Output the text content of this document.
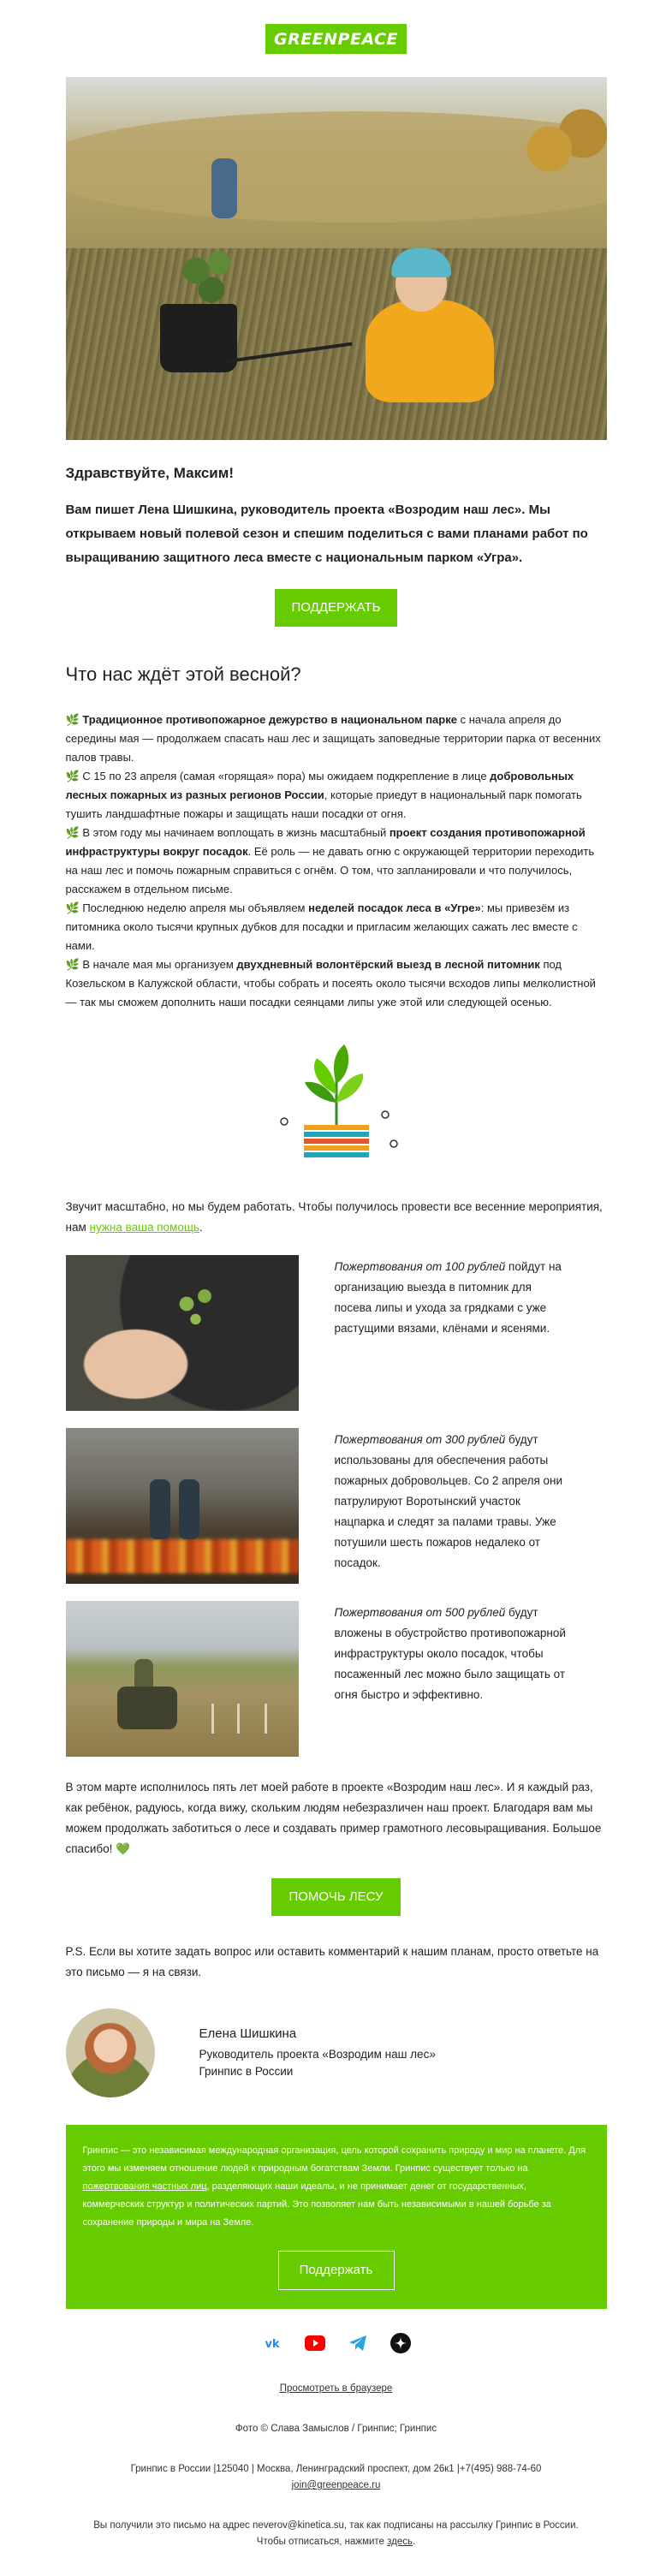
GREENPEACE
Здравствуйте, Максим!
Вам пишет Лена Шишкина, руководитель проекта «Возродим наш лес». Мы открываем новый полевой сезон и спешим поделиться с вами планами работ по выращиванию защитного леса вместе с национальным парком «Угра».
ПОДДЕРЖАТЬ
Что нас ждёт этой весной?

🌿 Традиционное противопожарное дежурство в национальном парке с начала апреля до середины мая — продолжаем спасать наш лес и защищать заповедные территории парка от весенних палов травы.

🌿 С 15 по 23 апреля (самая «горящая» пора) мы ожидаем подкрепление в лице добровольных лесных пожарных из разных регионов России, которые приедут в национальный парк помогать тушить ландшафтные пожары и защищать наши посадки от огня.

🌿 В этом году мы начинаем воплощать в жизнь масштабный проект создания противопожарной инфраструктуры вокруг посадок. Её роль — не давать огню с окружающей территории переходить на наш лес и помочь пожарным справиться с огнём. О том, что запланировали и что получилось, расскажем в отдельном письме.

🌿 Последнюю неделю апреля мы объявляем неделей посадок леса в «Угре»: мы привезём из питомника около тысячи крупных дубков для посадки и пригласим желающих сажать лес вместе с нами.

🌿 В начале мая мы организуем двухдневный волонтёрский выезд в лесной питомник под Козельском в Калужской области, чтобы собрать и посеять около тысячи всходов липы мелколистной — так мы сможем дополнить наши посадки сеянцами липы уже этой или следующей осенью.

Звучит масштабно, но мы будем работать. Чтобы получилось провести все весенние мероприятия, нам нужна ваша помощь.
Пожертвования от 100 рублей пойдут на организацию выезда в питомник для посева липы и ухода за грядками с уже растущими вязами, клёнами и ясенями.
Пожертвования от 300 рублей будут использованы для обеспечения работы пожарных добровольцев. Со 2 апреля они патрулируют Воротынский участок нацпарка и следят за палами травы. Уже потушили шесть пожаров недалеко от посадок.
Пожертвования от 500 рублей будут вложены в обустройство противопожарной инфраструктуры около посадок, чтобы посаженный лес можно было защищать от огня быстро и эффективно.
В этом марте исполнилось пять лет моей работе в проекте «Возродим наш лес». И я каждый раз, как ребёнок, радуюсь, когда вижу, скольким людям небезразличен наш проект. Благодаря вам мы можем продолжать заботиться о лесе и создавать пример грамотного лесовыращивания. Большое спасибо! 💚
ПОМОЧЬ ЛЕСУ
P.S. Если вы хотите задать вопрос или оставить комментарий к нашим планам, просто ответьте на это письмо — я на связи.
Елена Шишкина
Руководитель проекта «Возродим наш лес»
Гринпис в России
Гринпис — это независимая международная организация, цель которой сохранить природу и мир на планете. Для этого мы изменяем отношение людей к природным богатствам Земли. Гринпис существует только на пожертвования частных лиц, разделяющих наши идеалы, и не принимает денег от государственных, коммерческих структур и политических партий. Это позволяет нам быть независимыми в нашей борьбе за сохранение природы и мира на Земле.
Поддержать
vk
Просмотреть в браузере
Фото © Слава Замыслов / Гринпис; Гринпис
Гринпис в России |125040 | Москва, Ленинградский проспект, дом 26к1 |+7(495) 988-74-60
join@greenpeace.ru
Вы получили это письмо на адрес neverov@kinetica.su, так как подписаны на рассылку Гринпис в России.
Чтобы отписаться, нажмите здесь.
